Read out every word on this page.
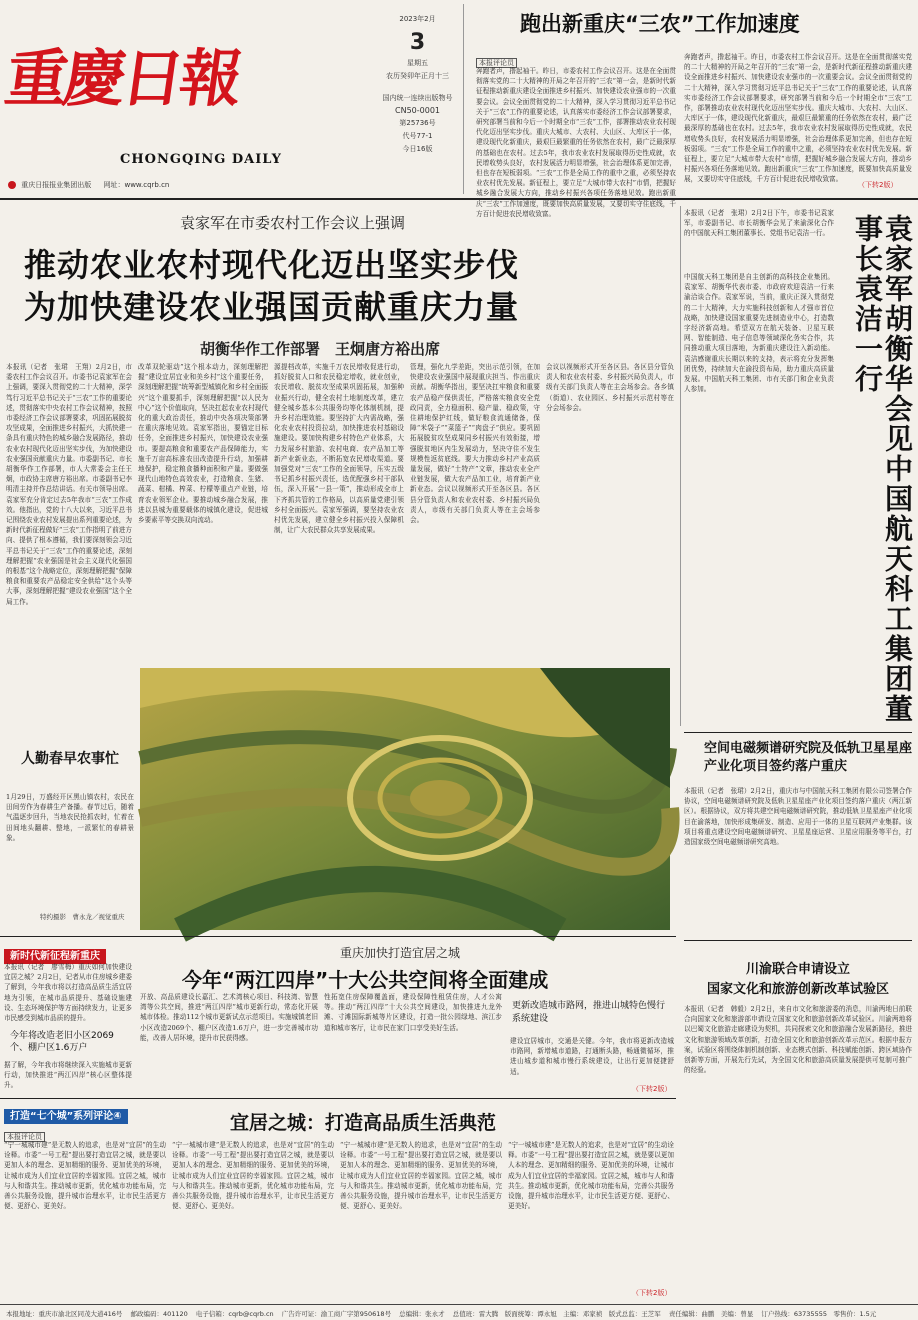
重慶日報
CHONGQING DAILY
重庆日报报业集团出版 网址：www.cqrb.cn
2023年2月
3
星期五
农历癸卯年正月十三
国内统一连续出版物号
CN50-0001
第25736号
代号77-1
今日16版
跑出新重庆“三农”工作加速度
本报评论员
奔跑者声，撸起袖干。昨日，市委农村工作会议召开。这是在全面贯彻落实党的二十大精神的开局之年召开的“三农”第一会，是新时代新征程推动新重庆建设全面推进乡村振兴、加快建设农业强市的一次重要会议。会议全面贯彻党的二十大精神，深入学习贯彻习近平总书记关于“三农”工作的重要论述，认真落实市委经济工作会议部署要求，研究部署当前和今后一个时期全市“三农”工作，部署推动农业农村现代化迈出坚实步伐。重庆大城市、大农村、大山区、大库区于一体，建设现代化新重庆，最艰巨最繁重的任务依然在农村，最广泛最深厚的基础也在农村。过去5年，我市农业农村发展取得历史性成就，农民增收势头良好，农村发展活力明显增强，社会治理体系更加完善，但也存在短板弱项。“三农”工作是全局工作的重中之重，必须坚持农业农村优先发展。新征程上，要立足“大城市带大农村”市情，把握好城乡融合发展大方向，推动乡村振兴各项任务落地见效。跑出新重庆“三农”工作加速度，既要加快高质量发展，又要切实守住底线，千方百计促进农民增收致富。
奔跑者声，撸起袖干。昨日，市委农村工作会议召开。这是在全面贯彻落实党的二十大精神的开局之年召开的“三农”第一会，是新时代新征程推动新重庆建设全面推进乡村振兴、加快建设农业强市的一次重要会议。会议全面贯彻党的二十大精神，深入学习贯彻习近平总书记关于“三农”工作的重要论述，认真落实市委经济工作会议部署要求，研究部署当前和今后一个时期全市“三农”工作，部署推动农业农村现代化迈出坚实步伐。重庆大城市、大农村、大山区、大库区于一体，建设现代化新重庆，最艰巨最繁重的任务依然在农村，最广泛最深厚的基础也在农村。过去5年，我市农业农村发展取得历史性成就，农民增收势头良好，农村发展活力明显增强，社会治理体系更加完善，但也存在短板弱项。“三农”工作是全局工作的重中之重，必须坚持农业农村优先发展。新征程上，要立足“大城市带大农村”市情，把握好城乡融合发展大方向，推动乡村振兴各项任务落地见效。跑出新重庆“三农”工作加速度，既要加快高质量发展，又要切实守住底线，千方百计促进农民增收致富。
（下转2版）
袁家军在市委农村工作会议上强调
推动农业农村现代化迈出坚实步伐
为加快建设农业强国贡献重庆力量
胡衡华作工作部署　王炯唐方裕出席
本报讯（记者　张珺　王翔）2月2日，市委农村工作会议召开。市委书记袁家军在会上强调，要深入贯彻党的二十大精神，深学笃行习近平总书记关于“三农”工作的重要论述，贯彻落实中央农村工作会议精神，按照市委经济工作会议部署要求，巩固拓展脱贫攻坚成果，全面推进乡村振兴，大抓快建一条具有重庆特色的城乡融合发展路径，推动农业农村现代化迈出坚实步伐，为加快建设农业强国贡献重庆力量。市委副书记、市长胡衡华作工作部署，市人大常委会主任王炯，市政协主席唐方裕出席。市委副书记李明清主持并作总结讲话。有关市领导出席。袁家军充分肯定过去5年我市“三农”工作成效。他指出，党的十八大以来，习近平总书记围绕农业农村发展提出系列重要论述，为新时代新征程做好“三农”工作指明了前进方向、提供了根本遵循，我们要深刻领会习近平总书记关于“三农”工作的重要论述，深刻理解把握“农业强国是社会主义现代化强国的根基”这个战略定位，深刻理解把握“保障粮食和重要农产品稳定安全供给”这个头等大事，深刻理解把握“建设农业强国”这个全局工作。
改革双轮驱动”这个根本动力，深刻理解把握“建设宜居宜业和美乡村”这个重要任务，深刻理解把握“统筹新型城镇化和乡村全面振兴”这个重要抓手，深刻理解把握“以人民为中心”这个价值取向，坚决扛起农业农村现代化的重大政治责任，推动中央各项决策部署在重庆落地见效。袁家军指出，要锚定目标任务，全面推进乡村振兴，加快建设农业强市。要提高粮食和重要农产品保障能力，实施千万亩高标准农田改造提升行动，加强耕地保护，稳定粮食播种面积和产量。要做强现代山地特色高效农业，打造粮食、生猪、蔬菜、柑橘、榨菜、柠檬等重点产业链，培育农业领军企业。要推动城乡融合发展，推进以县城为重要载体的城镇化建设，促进城乡要素平等交换双向流动。
源提档改革，实施千万农民增收促进行动，抓好脱贫人口和农民稳定增收，就业创业，农民增收、脱贫攻坚成果巩固拓展，加强种业振兴行动，健全农村土地制度改革，建立健全城乡基本公共服务均等化体制机制，提升乡村治理效能。要坚持扩大内需战略，强化农业农村投资拉动，加快推进农村基础设施建设。要加快构建乡村特色产业体系，大力发展乡村旅游、农村电商、农产品加工等新产业新业态，不断拓宽农民增收渠道。要加强党对“三农”工作的全面领导，压实五级书记抓乡村振兴责任，选优配强乡村干部队伍，深入开展“一县一策”，推动形成全市上下齐抓共管的工作格局，以高质量党建引领乡村全面振兴。袁家军强调，要坚持农业农村优先发展，建立健全乡村振兴投入保障机制，让广大农民群众共享发展成果。
管理，强化九学差距，突出示范引领，在加快建设农业强国中展现重庆担当、作出重庆贡献。胡衡华指出，要坚决扛牢粮食和重要农产品稳产保供责任，严格落实粮食安全党政同责，全力稳面积、稳产量、稳政策，守住耕地保护红线，做好粮食流通储备，保障“米袋子”“菜篮子”“肉盘子”供应。要巩固拓展脱贫攻坚成果同乡村振兴有效衔接，增强脱贫地区内生发展动力，坚决守住不发生规模性返贫底线。要大力推动乡村产业高质量发展，做好“土特产”文章，推动农业全产业链发展，做大农产品加工业，培育新产业新业态。会议以视频形式开至各区县。各区县分管负责人和农业农村委、乡村振兴局负责人，市级有关部门负责人等在主会场参会。
会议以视频形式开至各区县。各区县分管负责人和农业农村委、乡村振兴局负责人，市级有关部门负责人等在主会场参会。各乡镇（街道）、农业园区、乡村振兴示范村等在分会场参会。
本报讯（记者　张珺）2月2日下午，市委书记袁家军，市委副书记、市长胡衡华会见了来渝深化合作的中国航天科工集团董事长、党组书记袁洁一行。	袁家军胡衡华会见中国航天科工集团董事长袁洁一行
中国航天科工集团是自主创新的高科技企业集团。袁家军、胡衡华代表市委、市政府欢迎袁洁一行来渝洽谈合作。袁家军说，当前，重庆正深入贯彻党的二十大精神，大力实施科技创新和人才强市首位战略，加快建设国家重要先进制造业中心，打造数字经济新高地。希望双方在航天装备、卫星互联网、智能制造、电子信息等领域深化务实合作，共同推动重大项目落地，为新重庆建设注入新动能。袁洁感谢重庆长期以来的支持，表示将充分发挥集团优势，持续加大在渝投资布局，助力重庆高质量发展。中国航天科工集团、市有关部门和企业负责人参加。
人勤春早农事忙
1月29日，万盛经开区黑山镇农村，农民在田间劳作为春耕生产备播。春节过后，随着气温逐步回升，当地农民抢抓农时，忙着在田间地头翻耕、整地，一派繁忙的春耕景象。
特约摄影　曹永龙／视觉重庆
空间电磁频谱研究院及低轨卫星星座产业化项目签约落户重庆
本报讯（记者　张珺）2月2日，重庆市与中国航天科工集团有限公司签署合作协议，空间电磁频谱研究院及低轨卫星星座产业化项目签约落户重庆（两江新区）。根据协议，双方将共建空间电磁频谱研究院，推动低轨卫星星座产业化项目在渝落地，加快形成集研发、制造、应用于一体的卫星互联网产业集群。该项目将重点建设空间电磁频谱研究、卫星星座运营、卫星应用服务等平台，打造国家级空间电磁频谱研究高地。
川渝联合申请设立
国家文化和旅游创新改革试验区
本报讯（记者　韩毅）2月2日，来自市文化和旅游委的消息，川渝两地日前联合向国家文化和旅游部申请设立国家文化和旅游创新改革试验区。川渝两地将以巴蜀文化旅游走廊建设为契机，共同探索文化和旅游融合发展新路径，推进文化和旅游领域改革创新，打造全国文化和旅游创新改革示范区。根据申报方案，试验区将围绕体制机制创新、业态模式创新、科技赋能创新、跨区域协作创新等方面，开展先行先试，为全国文化和旅游高质量发展提供可复制可推广的经验。
新时代新征程新重庆
本报讯（记者　廖雪梅）重庆如何加快建设宜居之城？2月2日，记者从市住房城乡建委了解到，今年我市将以打造高品质生活宜居地为引领，在城市品质提升、基础设施建设、生态环境保护等方面持续发力，让更多市民感受到城市品质的提升。
今年将改造老旧小区2069个、棚户区1.6万户
据了解，今年我市将继续深入实施城市更新行动，加快推进“两江四岸”核心区整体提升。
重庆加快打造宜居之城
今年“两江四岸”十大公共空间将全面建成
开放、高品质建设长嘉汇、艺术湾核心项目、科技湾、智慧湾等公共空间，推进“两江四岸”城市更新行动，常态化开展城市体检。推动112个城市更新试点示范项目。实施城镇老旧小区改造2069个、棚户区改造1.6万户，进一步完善城市功能，改善人居环境，提升市民获得感。
性拓宽住房保障覆盖面，建设保障性租赁住房，人才公寓等。推动“两江四岸”十大公共空间建设，加快推进九龙外滩、寸滩国际新城等片区建设，打造一批公园绿地、滨江步道和城市客厅，让市民在家门口享受美好生活。
更新改造城市路网，推进山城特色慢行系统建设
建设宜居城市，交通是关键。今年，我市将更新改造城市路网，新增城市道路，打通断头路，畅通微循环，推进山城步道和城市慢行系统建设，让出行更加便捷舒适。
（下转2版）
打造“七个城”系列评论④
本报评论员
宜居之城：打造高品质生活典范
“宁一城城市建”是无数人的追求，也是对“宜居”的生动诠释。市委“一号工程”提出要打造宜居之城，就是要以更加人本的理念、更加精细的服务、更加优美的环境，让城市成为人们宜业宜居的幸福家园。宜居之城，城市与人和谐共生。推动城市更新，优化城市功能布局，完善公共服务设施，提升城市治理水平，让市民生活更方便、更舒心、更美好。
“宁一城城市建”是无数人的追求，也是对“宜居”的生动诠释。市委“一号工程”提出要打造宜居之城，就是要以更加人本的理念、更加精细的服务、更加优美的环境，让城市成为人们宜业宜居的幸福家园。宜居之城，城市与人和谐共生。推动城市更新，优化城市功能布局，完善公共服务设施，提升城市治理水平，让市民生活更方便、更舒心、更美好。
“宁一城城市建”是无数人的追求，也是对“宜居”的生动诠释。市委“一号工程”提出要打造宜居之城，就是要以更加人本的理念、更加精细的服务、更加优美的环境，让城市成为人们宜业宜居的幸福家园。宜居之城，城市与人和谐共生。推动城市更新，优化城市功能布局，完善公共服务设施，提升城市治理水平，让市民生活更方便、更舒心、更美好。
“宁一城城市建”是无数人的追求，也是对“宜居”的生动诠释。市委“一号工程”提出要打造宜居之城，就是要以更加人本的理念、更加精细的服务、更加优美的环境，让城市成为人们宜业宜居的幸福家园。宜居之城，城市与人和谐共生。推动城市更新，优化城市功能布局，完善公共服务设施，提升城市治理水平，让市民生活更方便、更舒心、更美好。
（下转2版）
本报地址：重庆市渝北区同茂大道416号 邮政编码：401120 电子信箱：cqrb@cqrb.cn 广告许可证：渝工商广字第950618号 总编辑：张永才 总值班：雷大腾　版面统筹：谭永旭　主编：邓家祯　版式总监：王芝军 责任编辑：曲鹏　美编：曾显 订户热线：63735555　零售价：1.5元
